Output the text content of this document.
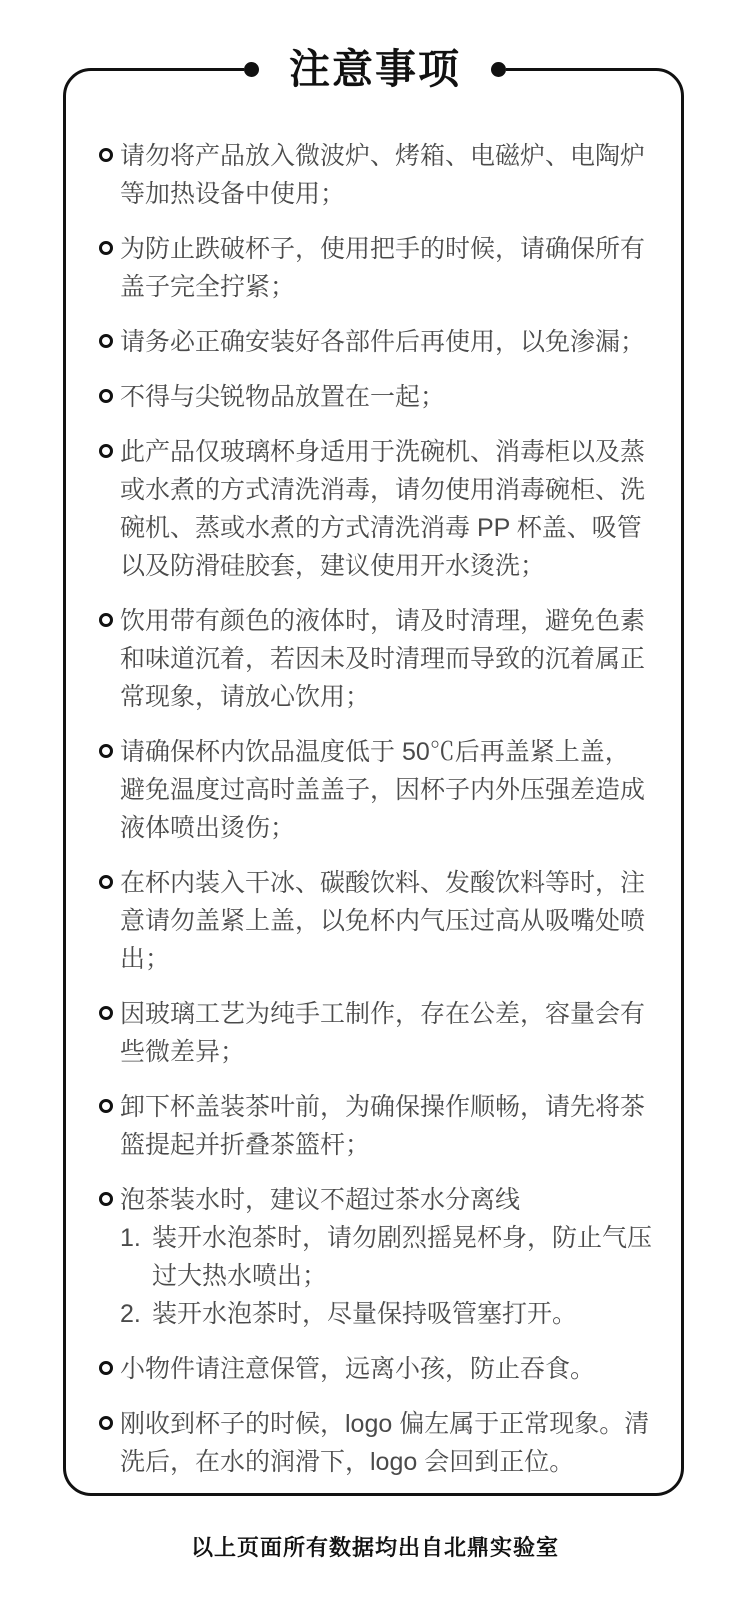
注意事项
请勿将产品放入微波炉、烤箱、电磁炉、电陶炉等加热设备中使用；
为防止跌破杯子，使用把手的时候，请确保所有盖子完全拧紧；
请务必正确安装好各部件后再使用，以免渗漏；
不得与尖锐物品放置在一起；
此产品仅玻璃杯身适用于洗碗机、消毒柜以及蒸或水煮的方式清洗消毒，请勿使用消毒碗柜、洗碗机、蒸或水煮的方式清洗消毒 PP 杯盖、吸管以及防滑硅胶套，建议使用开水烫洗；
饮用带有颜色的液体时，请及时清理，避免色素和味道沉着，若因未及时清理而导致的沉着属正常现象，请放心饮用；
请确保杯内饮品温度低于 50℃后再盖紧上盖，避免温度过高时盖盖子，因杯子内外压强差造成液体喷出烫伤；
在杯内装入干冰、碳酸饮料、发酸饮料等时，注意请勿盖紧上盖，以免杯内气压过高从吸嘴处喷出；
因玻璃工艺为纯手工制作，存在公差，容量会有些微差异；
卸下杯盖装茶叶前，为确保操作顺畅，请先将茶篮提起并折叠茶篮杆；
泡茶装水时，建议不超过茶水分离线
1. 装开水泡茶时，请勿剧烈摇晃杯身，防止气压过大热水喷出；
2. 装开水泡茶时，尽量保持吸管塞打开。
小物件请注意保管，远离小孩，防止吞食。
刚收到杯子的时候，logo 偏左属于正常现象。清洗后，在水的润滑下，logo 会回到正位。
以上页面所有数据均出自北鼎实验室
